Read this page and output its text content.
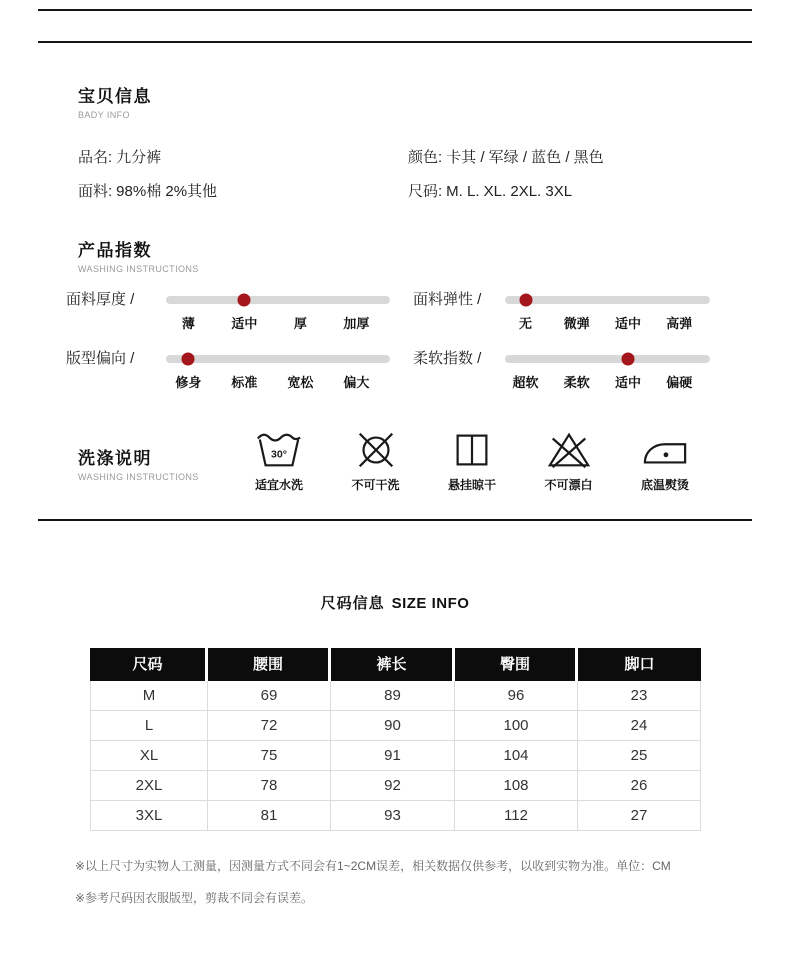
宝贝信息
BADY INFO
品名: 九分裤	颜色: 卡其 / 军绿 / 蓝色 / 黑色
面料: 98%棉 2%其他	尺码: M. L. XL. 2XL. 3XL
产品指数
WASHING INSTRUCTIONS
面料厚度 /
薄	适中	厚	加厚
面料弹性 /
无 微弹 适中 高弹
版型偏向 /
修身 标准 宽松 偏大
柔软指数 /
超软 柔软 适中 偏硬
洗涤说明
WASHING INSTRUCTIONS
30°
适宜水洗	不可干洗	悬挂晾干	不可漂白	底温熨烫
尺码信息 SIZE INFO
尺码	腰围	裤长	臀围	脚口
M	69	89	96	23
L	72	90	100	24
XL	75	91	104	25
2XL	78	92	108	26
3XL	81	93	112	27
※以上尺寸为实物人工测量，因测量方式不同会有1~2CM误差，相关数据仅供参考，以收到实物为准。单位：CM
※参考尺码因衣服版型，剪裁不同会有误差。
